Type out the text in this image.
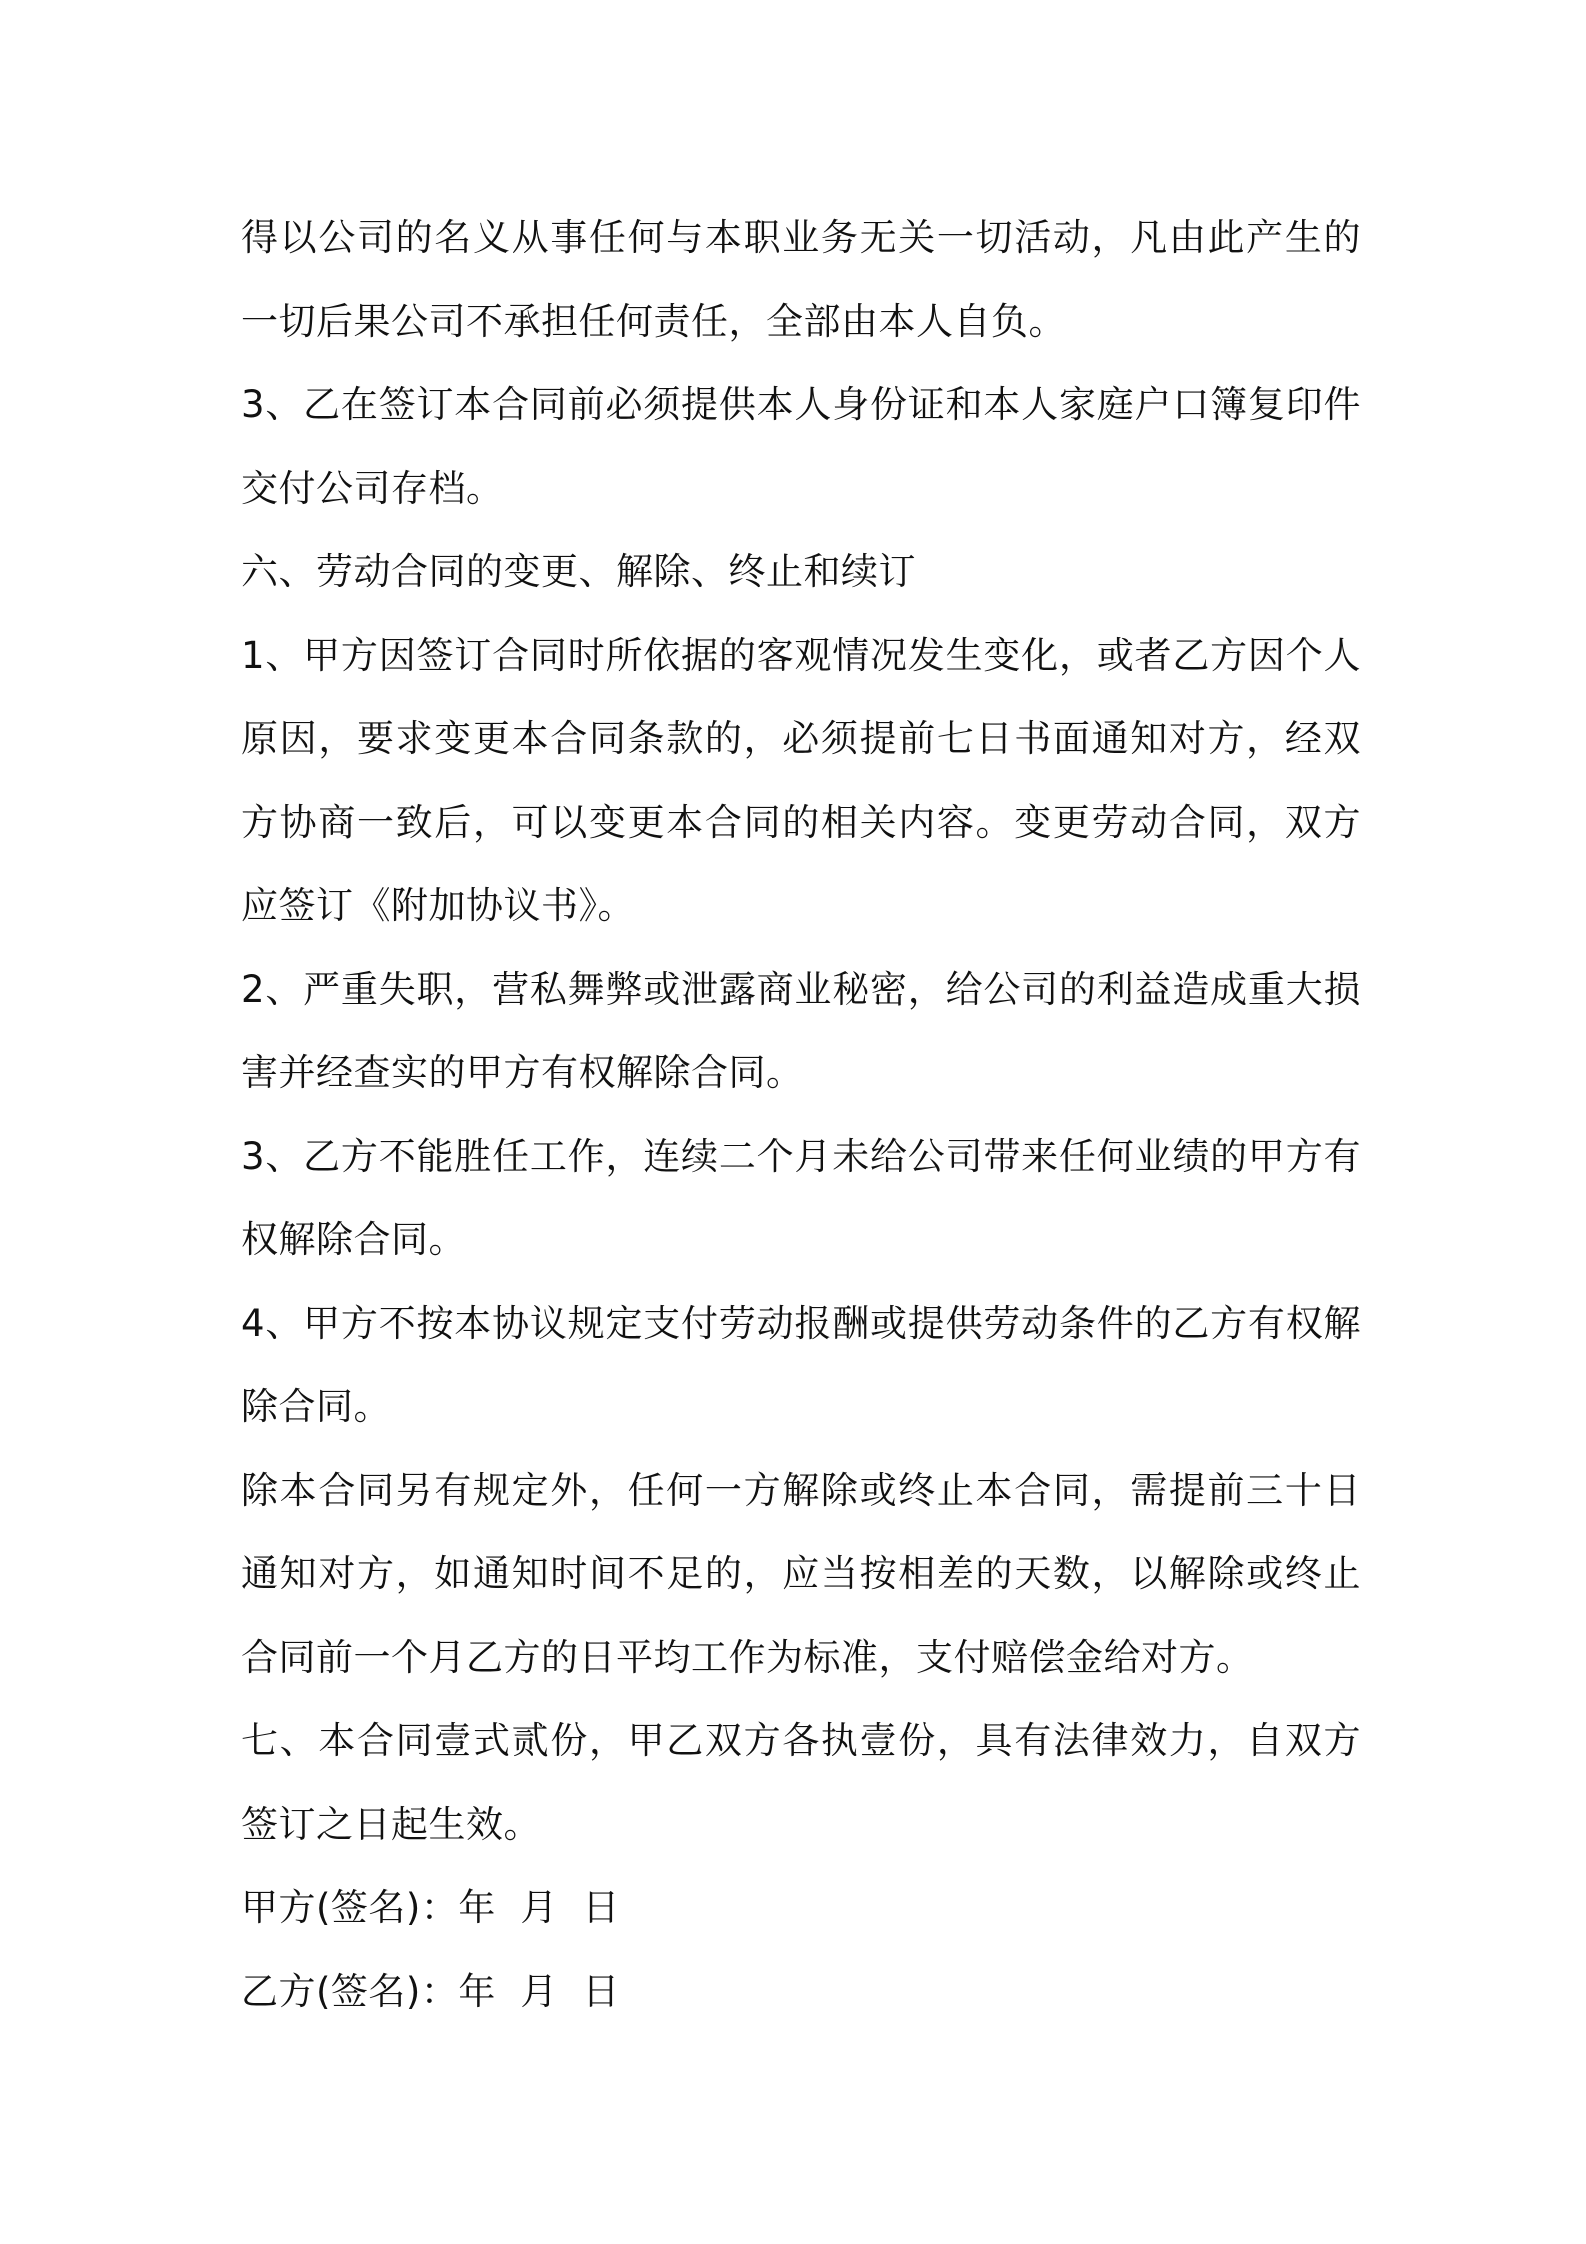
得以公司的名义从事任何与本职业务无关一切活动，凡由此产生的一切后果公司不承担任何责任，全部由本人自负。

3、乙在签订本合同前必须提供本人身份证和本人家庭户口簿复印件交付公司存档。

六、劳动合同的变更、解除、终止和续订

1、甲方因签订合同时所依据的客观情况发生变化，或者乙方因个人原因，要求变更本合同条款的，必须提前七日书面通知对方，经双方协商一致后，可以变更本合同的相关内容。变更劳动合同，双方应签订《附加协议书》。

2、严重失职，营私舞弊或泄露商业秘密，给公司的利益造成重大损害并经查实的甲方有权解除合同。

3、乙方不能胜任工作，连续二个月未给公司带来任何业绩的甲方有权解除合同。

4、甲方不按本协议规定支付劳动报酬或提供劳动条件的乙方有权解除合同。

除本合同另有规定外，任何一方解除或终止本合同，需提前三十日通知对方，如通知时间不足的，应当按相差的天数，以解除或终止合同前一个月乙方的日平均工作为标准，支付赔偿金给对方。

七、本合同壹式贰份，甲乙双方各执壹份，具有法律效力，自双方签订之日起生效。

甲方(签名)：年  月  日

乙方(签名)：年  月  日
